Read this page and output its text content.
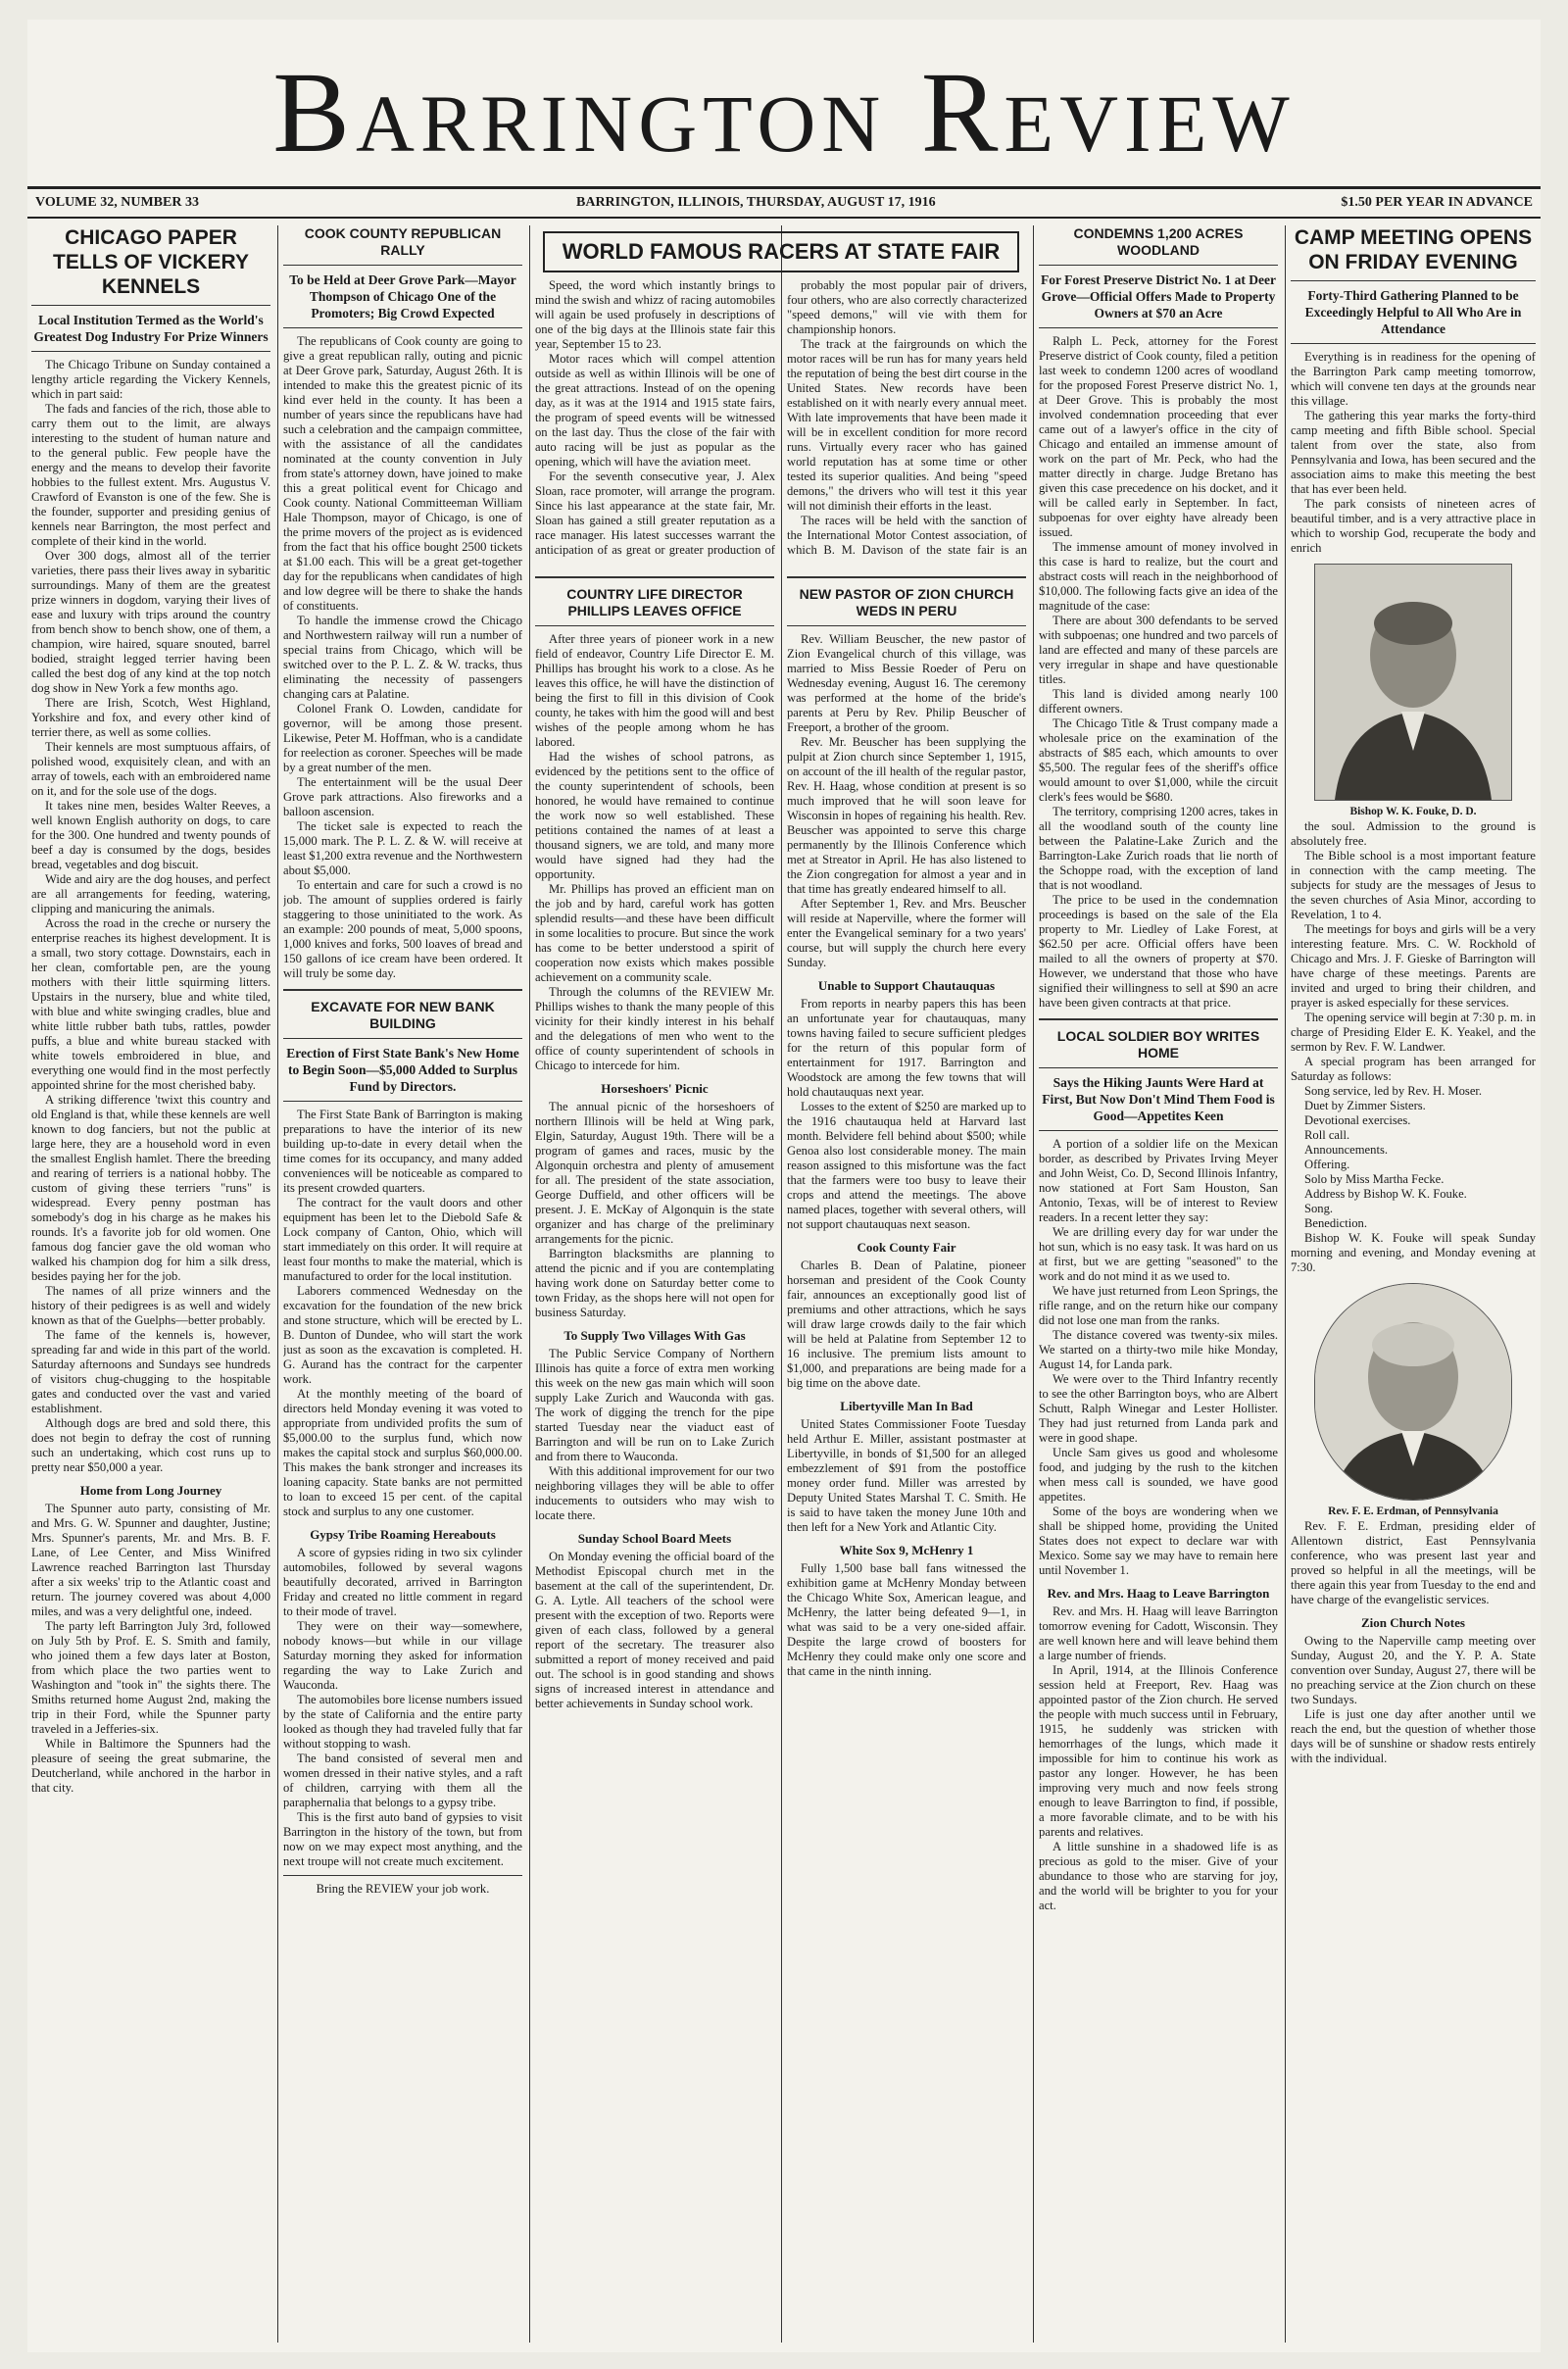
Barrington Review
VOLUME 32, NUMBER 33	BARRINGTON, ILLINOIS, THURSDAY, AUGUST 17, 1916	$1.50 PER YEAR IN ADVANCE
CHICAGO PAPER TELLS OF VICKERY KENNELS
Local Institution Termed as the World's Greatest Dog Industry For Prize Winners

The Chicago Tribune on Sunday contained a lengthy article regarding the Vickery Kennels, which in part said:

The fads and fancies of the rich, those able to carry them out to the limit, are always interesting to the student of human nature and to the general public. Few people have the energy and the means to develop their favorite hobbies to the fullest extent. Mrs. Augustus V. Crawford of Evanston is one of the few. She is the founder, supporter and presiding genius of kennels near Barrington, the most perfect and complete of their kind in the world.

Over 300 dogs, almost all of the terrier varieties, there pass their lives away in sybaritic surroundings. Many of them are the greatest prize winners in dogdom, varying their lives of ease and luxury with trips around the country from bench show to bench show, one of them, a champion, wire haired, square snouted, barrel bodied, straight legged terrier having been called the best dog of any kind at the top notch dog show in New York a few months ago.

There are Irish, Scotch, West Highland, Yorkshire and fox, and every other kind of terrier there, as well as some collies.

Their kennels are most sumptuous affairs, of polished wood, exquisitely clean, and with an array of towels, each with an embroidered name on it, and for the sole use of the dogs.

It takes nine men, besides Walter Reeves, a well known English authority on dogs, to care for the 300. One hundred and twenty pounds of beef a day is consumed by the dogs, besides bread, vegetables and dog biscuit.

Wide and airy are the dog houses, and perfect are all arrangements for feeding, watering, clipping and manicuring the animals.

Across the road in the creche or nursery the enterprise reaches its highest development. It is a small, two story cottage. Downstairs, each in her clean, comfortable pen, are the young mothers with their little squirming litters. Upstairs in the nursery, blue and white tiled, with blue and white swinging cradles, blue and white little rubber bath tubs, rattles, powder puffs, a blue and white bureau stacked with white towels embroidered in blue, and everything one would find in the most perfectly appointed shrine for the most cherished baby.

A striking difference 'twixt this country and old England is that, while these kennels are well known to dog fanciers, but not the public at large here, they are a household word in even the smallest English hamlet. There the breeding and rearing of terriers is a national hobby. The custom of giving these terriers "runs" is widespread. Every penny postman has somebody's dog in his charge as he makes his rounds. It's a favorite job for old women. One famous dog fancier gave the old woman who walked his champion dog for him a silk dress, besides paying her for the job.

The names of all prize winners and the history of their pedigrees is as well and widely known as that of the Guelphs—better probably.

The fame of the kennels is, however, spreading far and wide in this part of the world. Saturday afternoons and Sundays see hundreds of visitors chug-chugging to the hospitable gates and conducted over the vast and varied establishment.

Although dogs are bred and sold there, this does not begin to defray the cost of running such an undertaking, which cost runs up to pretty near $50,000 a year.

Home from Long Journey

The Spunner auto party, consisting of Mr. and Mrs. G. W. Spunner and daughter, Justine; Mrs. Spunner's parents, Mr. and Mrs. B. F. Lane, of Lee Center, and Miss Winifred Lawrence reached Barrington last Thursday after a six weeks' trip to the Atlantic coast and return. The journey covered was about 4,000 miles, and was a very delightful one, indeed.

The party left Barrington July 3rd, followed on July 5th by Prof. E. S. Smith and family, who joined them a few days later at Boston, from which place the two parties went to Washington and "took in" the sights there. The Smiths returned home August 2nd, making the trip in their Ford, while the Spunner party traveled in a Jefferies-six.

While in Baltimore the Spunners had the pleasure of seeing the great submarine, the Deutcherland, while anchored in the harbor in that city.

COOK COUNTY REPUBLICAN RALLY
To be Held at Deer Grove Park—Mayor Thompson of Chicago One of the Promoters; Big Crowd Expected

The republicans of Cook county are going to give a great republican rally, outing and picnic at Deer Grove park, Saturday, August 26th. It is intended to make this the greatest picnic of its kind ever held in the county. It has been a number of years since the republicans have had such a celebration and the campaign committee, with the assistance of all the candidates nominated at the county convention in July from state's attorney down, have joined to make this a great political event for Chicago and Cook county. National Committeeman William Hale Thompson, mayor of Chicago, is one of the prime movers of the project as is evidenced from the fact that his office bought 2500 tickets at $1.00 each. This will be a great get-together day for the republicans when candidates of high and low degree will be there to shake the hands of constituents.

To handle the immense crowd the Chicago and Northwestern railway will run a number of special trains from Chicago, which will be switched over to the P. L. Z. & W. tracks, thus eliminating the necessity of passengers changing cars at Palatine.

Colonel Frank O. Lowden, candidate for governor, will be among those present. Likewise, Peter M. Hoffman, who is a candidate for reelection as coroner. Speeches will be made by a great number of the men.

The entertainment will be the usual Deer Grove park attractions. Also fireworks and a balloon ascension.

The ticket sale is expected to reach the 15,000 mark. The P. L. Z. & W. will receive at least $1,200 extra revenue and the Northwestern about $5,000.

To entertain and care for such a crowd is no job. The amount of supplies ordered is fairly staggering to those uninitiated to the work. As an example: 200 pounds of meat, 5,000 spoons, 1,000 knives and forks, 500 loaves of bread and 150 gallons of ice cream have been ordered. It will truly be some day.

EXCAVATE FOR NEW BANK BUILDING
Erection of First State Bank's New Home to Begin Soon—$5,000 Added to Surplus Fund by Directors.

The First State Bank of Barrington is making preparations to have the interior of its new building up-to-date in every detail when the time comes for its occupancy, and many added conveniences will be noticeable as compared to its present crowded quarters.

The contract for the vault doors and other equipment has been let to the Diebold Safe & Lock company of Canton, Ohio, which will start immediately on this order. It will require at least four months to make the material, which is manufactured to order for the local institution.

Laborers commenced Wednesday on the excavation for the foundation of the new brick and stone structure, which will be erected by L. B. Dunton of Dundee, who will start the work just as soon as the excavation is completed. H. G. Aurand has the contract for the carpenter work.

At the monthly meeting of the board of directors held Monday evening it was voted to appropriate from undivided profits the sum of $5,000.00 to the surplus fund, which now makes the capital stock and surplus $60,000.00. This makes the bank stronger and increases its loaning capacity. State banks are not permitted to loan to exceed 15 per cent. of the capital stock and surplus to any one customer.

Gypsy Tribe Roaming Hereabouts

A score of gypsies riding in two six cylinder automobiles, followed by several wagons beautifully decorated, arrived in Barrington Friday and created no little comment in regard to their mode of travel.

They were on their way—somewhere, nobody knows—but while in our village Saturday morning they asked for information regarding the way to Lake Zurich and Wauconda.

The automobiles bore license numbers issued by the state of California and the entire party looked as though they had traveled fully that far without stopping to wash.

The band consisted of several men and women dressed in their native styles, and a raft of children, carrying with them all the paraphernalia that belongs to a gypsy tribe.

This is the first auto band of gypsies to visit Barrington in the history of the town, but from now on we may expect most anything, and the next troupe will not create much excitement.

Bring the REVIEW your job work.
WORLD FAMOUS RACERS AT STATE FAIR

Speed, the word which instantly brings to mind the swish and whizz of racing automobiles will again be used profusely in descriptions of one of the big days at the Illinois state fair this year, September 15 to 23.

Motor races which will compel attention outside as well as within Illinois will be one of the great attractions. Instead of on the opening day, as it was at the 1914 and 1915 state fairs, the program of speed events will be witnessed on the last day. Thus the close of the fair with auto racing will be just as popular as the opening, which will have the aviation meet.

For the seventh consecutive year, J. Alex Sloan, race promoter, will arrange the program. Since his last appearance at the state fair, Mr. Sloan has gained a still greater reputation as a race manager. His latest successes warrant the anticipation of as great or greater production of

probably the most popular pair of drivers, four others, who are also correctly characterized "speed demons," will vie with them for championship honors.

The track at the fairgrounds on which the motor races will be run has for many years held the reputation of being the best dirt course in the United States. New records have been established on it with nearly every annual meet. With late improvements that have been made it will be in excellent condition for more record runs. Virtually every racer who has gained world reputation has at some time or other tested its superior qualities. And being "speed demons," the drivers who will test it this year will not diminish their efforts in the least.

The races will be held with the sanction of the International Motor Contest association, of which B. M. Davison of the state fair is an

COUNTRY LIFE DIRECTOR PHILLIPS LEAVES OFFICE

After three years of pioneer work in a new field of endeavor, Country Life Director E. M. Phillips has brought his work to a close. As he leaves this office, he will have the distinction of being the first to fill in this division of Cook county, he takes with him the good will and best wishes of the people among whom he has labored.

Had the wishes of school patrons, as evidenced by the petitions sent to the office of the county superintendent of schools, been honored, he would have remained to continue the work now so well established. These petitions contained the names of at least a thousand signers, we are told, and many more would have signed had they had the opportunity.

Mr. Phillips has proved an efficient man on the job and by hard, careful work has gotten splendid results—and these have been difficult in some localities to procure. But since the work has come to be better understood a spirit of cooperation now exists which makes possible achievement on a community scale.

Through the columns of the REVIEW Mr. Phillips wishes to thank the many people of this vicinity for their kindly interest in his behalf and the delegations of men who went to the office of county superintendent of schools in Chicago to intercede for him.

Horseshoers' Picnic

The annual picnic of the horseshoers of northern Illinois will be held at Wing park, Elgin, Saturday, August 19th. There will be a program of games and races, music by the Algonquin orchestra and plenty of amusement for all. The president of the state association, George Duffield, and other officers will be present. J. E. McKay of Algonquin is the state organizer and has charge of the preliminary arrangements for the picnic.

Barrington blacksmiths are planning to attend the picnic and if you are contemplating having work done on Saturday better come to town Friday, as the shops here will not open for business Saturday.

To Supply Two Villages With Gas

The Public Service Company of Northern Illinois has quite a force of extra men working this week on the new gas main which will soon supply Lake Zurich and Wauconda with gas. The work of digging the trench for the pipe started Tuesday near the viaduct east of Barrington and will be run on to Lake Zurich and from there to Wauconda.

With this additional improvement for our two neighboring villages they will be able to offer inducements to outsiders who may wish to locate there.

Sunday School Board Meets

On Monday evening the official board of the Methodist Episcopal church met in the basement at the call of the superintendent, Dr. G. A. Lytle. All teachers of the school were present with the exception of two. Reports were given of each class, followed by a general report of the secretary. The treasurer also submitted a report of money received and paid out. The school is in good standing and shows signs of increased interest in attendance and better achievements in Sunday school work.

NEW PASTOR OF ZION CHURCH WEDS IN PERU

Rev. William Beuscher, the new pastor of Zion Evangelical church of this village, was married to Miss Bessie Roeder of Peru on Wednesday evening, August 16. The ceremony was performed at the home of the bride's parents at Peru by Rev. Philip Beuscher of Freeport, a brother of the groom.

Rev. Mr. Beuscher has been supplying the pulpit at Zion church since September 1, 1915, on account of the ill health of the regular pastor, Rev. H. Haag, whose condition at present is so much improved that he will soon leave for Wisconsin in hopes of regaining his health. Rev. Beuscher was appointed to serve this charge permanently by the Illinois Conference which met at Streator in April. He has also listened to the Zion congregation for almost a year and in that time has greatly endeared himself to all.

After September 1, Rev. and Mrs. Beuscher will reside at Naperville, where the former will enter the Evangelical seminary for a two years' course, but will supply the church here every Sunday.

Unable to Support Chautauquas

From reports in nearby papers this has been an unfortunate year for chautauquas, many towns having failed to secure sufficient pledges for the return of this popular form of entertainment for 1917. Barrington and Woodstock are among the few towns that will hold chautauquas next year.

Losses to the extent of $250 are marked up to the 1916 chautauqua held at Harvard last month. Belvidere fell behind about $500; while Genoa also lost considerable money. The main reason assigned to this misfortune was the fact that the farmers were too busy to leave their crops and attend the meetings. The above named places, together with several others, will not support chautauquas next season.

Cook County Fair

Charles B. Dean of Palatine, pioneer horseman and president of the Cook County fair, announces an exceptionally good list of premiums and other attractions, which he says will draw large crowds daily to the fair which will be held at Palatine from September 12 to 16 inclusive. The premium lists amount to $1,000, and preparations are being made for a big time on the above date.

Libertyville Man In Bad

United States Commissioner Foote Tuesday held Arthur E. Miller, assistant postmaster at Libertyville, in bonds of $1,500 for an alleged embezzlement of $91 from the postoffice money order fund. Miller was arrested by Deputy United States Marshal T. C. Smith. He is said to have taken the money June 10th and then left for a New York and Atlantic City.

White Sox 9, McHenry 1

Fully 1,500 base ball fans witnessed the exhibition game at McHenry Monday between the Chicago White Sox, American league, and McHenry, the latter being defeated 9—1, in what was said to be a very one-sided affair. Despite the large crowd of boosters for McHenry they could make only one score and that came in the ninth inning.

CONDEMNS 1,200 ACRES WOODLAND
For Forest Preserve District No. 1 at Deer Grove—Official Offers Made to Property Owners at $70 an Acre

Ralph L. Peck, attorney for the Forest Preserve district of Cook county, filed a petition last week to condemn 1200 acres of woodland for the proposed Forest Preserve district No. 1, at Deer Grove. This is probably the most involved condemnation proceeding that ever came out of a lawyer's office in the city of Chicago and entailed an immense amount of work on the part of Mr. Peck, who had the matter directly in charge. Judge Bretano has given this case precedence on his docket, and it will be called early in September. In fact, subpoenas for over eighty have already been issued.

The immense amount of money involved in this case is hard to realize, but the court and abstract costs will reach in the neighborhood of $10,000. The following facts give an idea of the magnitude of the case:

There are about 300 defendants to be served with subpoenas; one hundred and two parcels of land are effected and many of these parcels are very irregular in shape and have questionable titles.

This land is divided among nearly 100 different owners.

The Chicago Title & Trust company made a wholesale price on the examination of the abstracts of $85 each, which amounts to over $5,500. The regular fees of the sheriff's office would amount to over $1,000, while the circuit clerk's fees would be $680.

The territory, comprising 1200 acres, takes in all the woodland south of the county line between the Palatine-Lake Zurich and the Barrington-Lake Zurich roads that lie north of the Schoppe road, with the exception of land that is not woodland.

The price to be used in the condemnation proceedings is based on the sale of the Ela property to Mr. Liedley of Lake Forest, at $62.50 per acre. Official offers have been mailed to all the owners of property at $70. However, we understand that those who have signified their willingness to sell at $90 an acre have been given contracts at that price.

LOCAL SOLDIER BOY WRITES HOME
Says the Hiking Jaunts Were Hard at First, But Now Don't Mind Them Food is Good—Appetites Keen

A portion of a soldier life on the Mexican border, as described by Privates Irving Meyer and John Weist, Co. D, Second Illinois Infantry, now stationed at Fort Sam Houston, San Antonio, Texas, will be of interest to Review readers. In a recent letter they say:

We are drilling every day for war under the hot sun, which is no easy task. It was hard on us at first, but we are getting "seasoned" to the work and do not mind it as we used to.

We have just returned from Leon Springs, the rifle range, and on the return hike our company did not lose one man from the ranks.

The distance covered was twenty-six miles. We started on a thirty-two mile hike Monday, August 14, for Landa park.

We were over to the Third Infantry recently to see the other Barrington boys, who are Albert Schutt, Ralph Winegar and Lester Hollister. They had just returned from Landa park and were in good shape.

Uncle Sam gives us good and wholesome food, and judging by the rush to the kitchen when mess call is sounded, we have good appetites.

Some of the boys are wondering when we shall be shipped home, providing the United States does not expect to declare war with Mexico. Some say we may have to remain here until November 1.

Rev. and Mrs. Haag to Leave Barrington

Rev. and Mrs. H. Haag will leave Barrington tomorrow evening for Cadott, Wisconsin. They are well known here and will leave behind them a large number of friends.

In April, 1914, at the Illinois Conference session held at Freeport, Rev. Haag was appointed pastor of the Zion church. He served the people with much success until in February, 1915, he suddenly was stricken with hemorrhages of the lungs, which made it impossible for him to continue his work as pastor any longer. However, he has been improving very much and now feels strong enough to leave Barrington to find, if possible, a more favorable climate, and to be with his parents and relatives.

A little sunshine in a shadowed life is as precious as gold to the miser. Give of your abundance to those who are starving for joy, and the world will be brighter to you for your act.

CAMP MEETING OPENS ON FRIDAY EVENING
Forty-Third Gathering Planned to be Exceedingly Helpful to All Who Are in Attendance

Everything is in readiness for the opening of the Barrington Park camp meeting tomorrow, which will convene ten days at the grounds near this village.

The gathering this year marks the forty-third camp meeting and fifth Bible school. Special talent from over the state, also from Pennsylvania and Iowa, has been secured and the association aims to make this meeting the best that has ever been held.

The park consists of nineteen acres of beautiful timber, and is a very attractive place in which to worship God, recuperate the body and enrich

Bishop W. K. Fouke, D. D.

the soul. Admission to the ground is absolutely free.

The Bible school is a most important feature in connection with the camp meeting. The subjects for study are the messages of Jesus to the seven churches of Asia Minor, according to Revelation, 1 to 4.

The meetings for boys and girls will be a very interesting feature. Mrs. C. W. Rockhold of Chicago and Mrs. J. F. Gieske of Barrington will have charge of these meetings. Parents are invited and urged to bring their children, and prayer is asked especially for these services.

The opening service will begin at 7:30 p. m. in charge of Presiding Elder E. K. Yeakel, and the sermon by Rev. F. W. Landwer.

A special program has been arranged for Saturday as follows:

Song service, led by Rev. H. Moser.

Duet by Zimmer Sisters.

Devotional exercises.

Roll call.

Announcements.

Offering.

Solo by Miss Martha Fecke.

Address by Bishop W. K. Fouke.

Song.

Benediction.

Bishop W. K. Fouke will speak Sunday morning and evening, and Monday evening at 7:30.

Rev. F. E. Erdman, of Pennsylvania

Rev. F. E. Erdman, presiding elder of Allentown district, East Pennsylvania conference, who was present last year and proved so helpful in all the meetings, will be there again this year from Tuesday to the end and have charge of the evangelistic services.

Zion Church Notes

Owing to the Naperville camp meeting over Sunday, August 20, and the Y. P. A. State convention over Sunday, August 27, there will be no preaching service at the Zion church on these two Sundays.

Life is just one day after another until we reach the end, but the question of whether those days will be of sunshine or shadow rests entirely with the individual.
